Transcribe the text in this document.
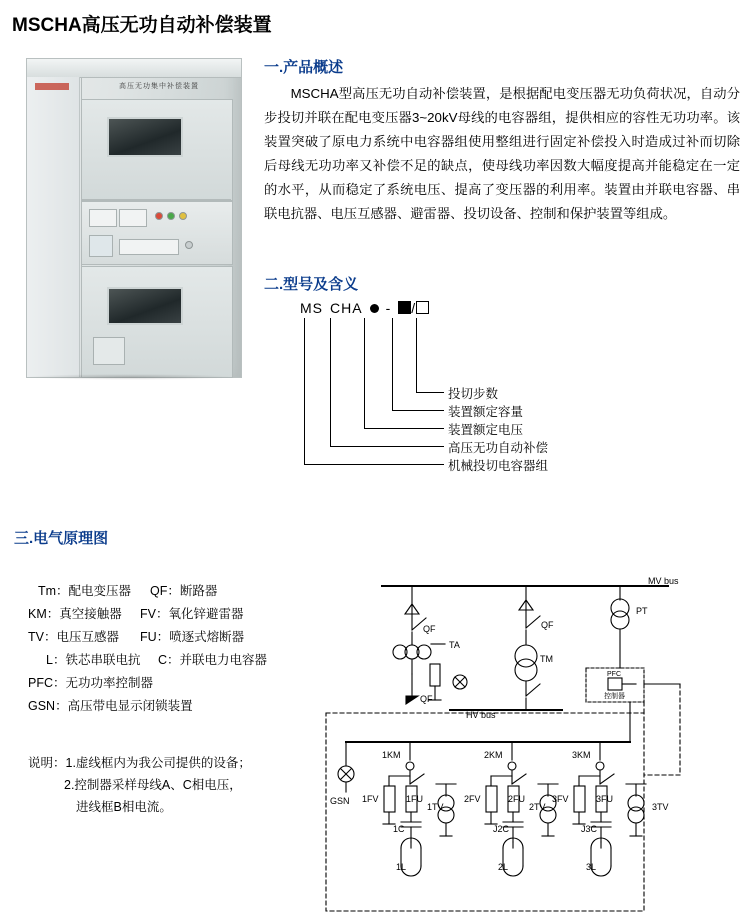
MSCHA高压无功自动补偿装置
高压无功集中补偿装置
一.产品概述
MSCHA型高压无功自动补偿装置，是根据配电变压器无功负荷状况，自动分步投切并联在配电变压器3~20kV母线的电容器组，提供相应的容性无功功率。该装置突破了原电力系统中电容器组使用整组进行固定补偿投入时造成过补而切除后母线无功功率又补偿不足的缺点，使母线功率因数大幅度提高并能稳定在一定的水平，从而稳定了系统电压、提高了变压器的利用率。装置由并联电容器、串联电抗器、电压互感器、避雷器、投切设备、控制和保护装置等组成。
二.型号及含义
MS CHA - /
投切步数
装置额定容量
装置额定电压
高压无功自动补偿
机械投切电容器组
三.电气原理图
Tm：配电变压器	QF：断路器
KM：真空接触器	FV：氧化锌避雷器
TV：电压互感器	FU：喷逐式熔断器
L：铁芯串联电抗	C：并联电力电容器
PFC：无功功率控制器
GSN：高压带电显示闭锁装置
说明：1.虚线框内为我公司提供的设备；
2.控制器采样母线A、C相电压，
进线框B相电流。
MV bus
PT
QF	QF
TA
TM
QF
HV bus
PFC
控制器
GSN
1KM	2KM	3KM
1FV	2FV	3FV
1FU	2FU	3FU
1TV	2TV	3TV
1C	J2C	J3C
1L	2L	3L
